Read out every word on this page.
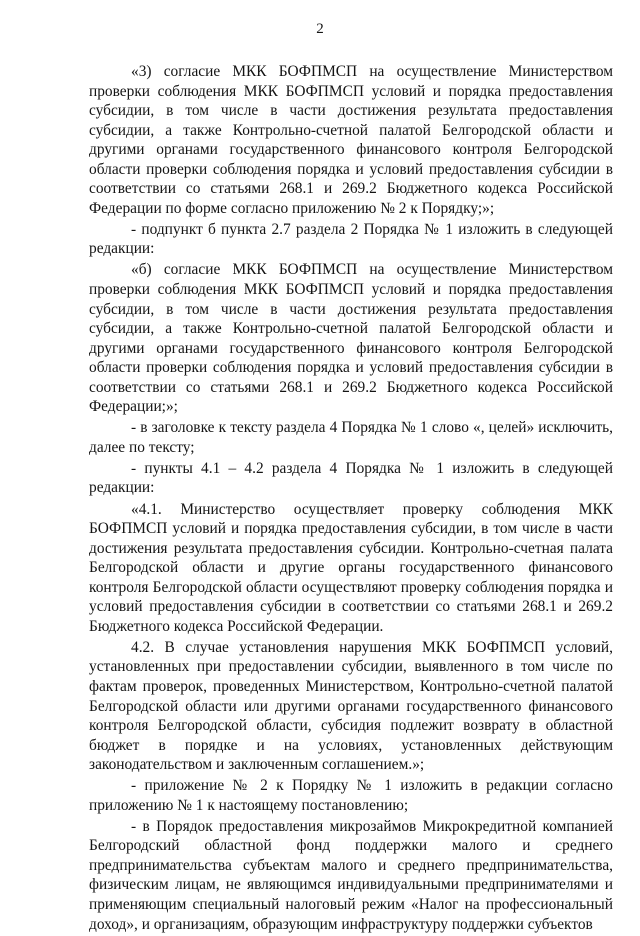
2

«3) согласие МКК БОФПМСП на осуществление Министерством проверки соблюдения МКК БОФПМСП условий и порядка предоставления субсидии, в том числе в части достижения результата предоставления субсидии, а также Контрольно-счетной палатой Белгородской области и другими органами государственного финансового контроля Белгородской области проверки соблюдения порядка и условий предоставления субсидии в соответствии со статьями 268.1 и 269.2 Бюджетного кодекса Российской Федерации по форме согласно приложению № 2 к Порядку;»;

- подпункт б пункта 2.7 раздела 2 Порядка № 1 изложить в следующей редакции:

«б) согласие МКК БОФПМСП на осуществление Министерством проверки соблюдения МКК БОФПМСП условий и порядка предоставления субсидии, в том числе в части достижения результата предоставления субсидии, а также Контрольно-счетной палатой Белгородской области и другими органами государственного финансового контроля Белгородской области проверки соблюдения порядка и условий предоставления субсидии в соответствии со статьями 268.1 и 269.2 Бюджетного кодекса Российской Федерации;»;

- в заголовке к тексту раздела 4 Порядка № 1 слово «, целей» исключить, далее по тексту;

- пункты 4.1 – 4.2 раздела 4 Порядка № 1 изложить в следующей редакции:

«4.1. Министерство осуществляет проверку соблюдения МКК БОФПМСП условий и порядка предоставления субсидии, в том числе в части достижения результата предоставления субсидии. Контрольно-счетная палата Белгородской области и другие органы государственного финансового контроля Белгородской области осуществляют проверку соблюдения порядка и условий предоставления субсидии в соответствии со статьями 268.1 и 269.2 Бюджетного кодекса Российской Федерации.

4.2. В случае установления нарушения МКК БОФПМСП условий, установленных при предоставлении субсидии, выявленного в том числе по фактам проверок, проведенных Министерством, Контрольно-счетной палатой Белгородской области или другими органами государственного финансового контроля Белгородской области, субсидия подлежит возврату в областной бюджет в порядке и на условиях, установленных действующим законодательством и заключенным соглашением.»;

- приложение № 2 к Порядку № 1 изложить в редакции согласно приложению № 1 к настоящему постановлению;

- в Порядок предоставления микрозаймов Микрокредитной компанией Белгородский областной фонд поддержки малого и среднего предпринимательства субъектам малого и среднего предпринимательства, физическим лицам, не являющимся индивидуальными предпринимателями и применяющим специальный налоговый режим «Налог на профессиональный доход», и организациям, образующим инфраструктуру поддержки субъектов
